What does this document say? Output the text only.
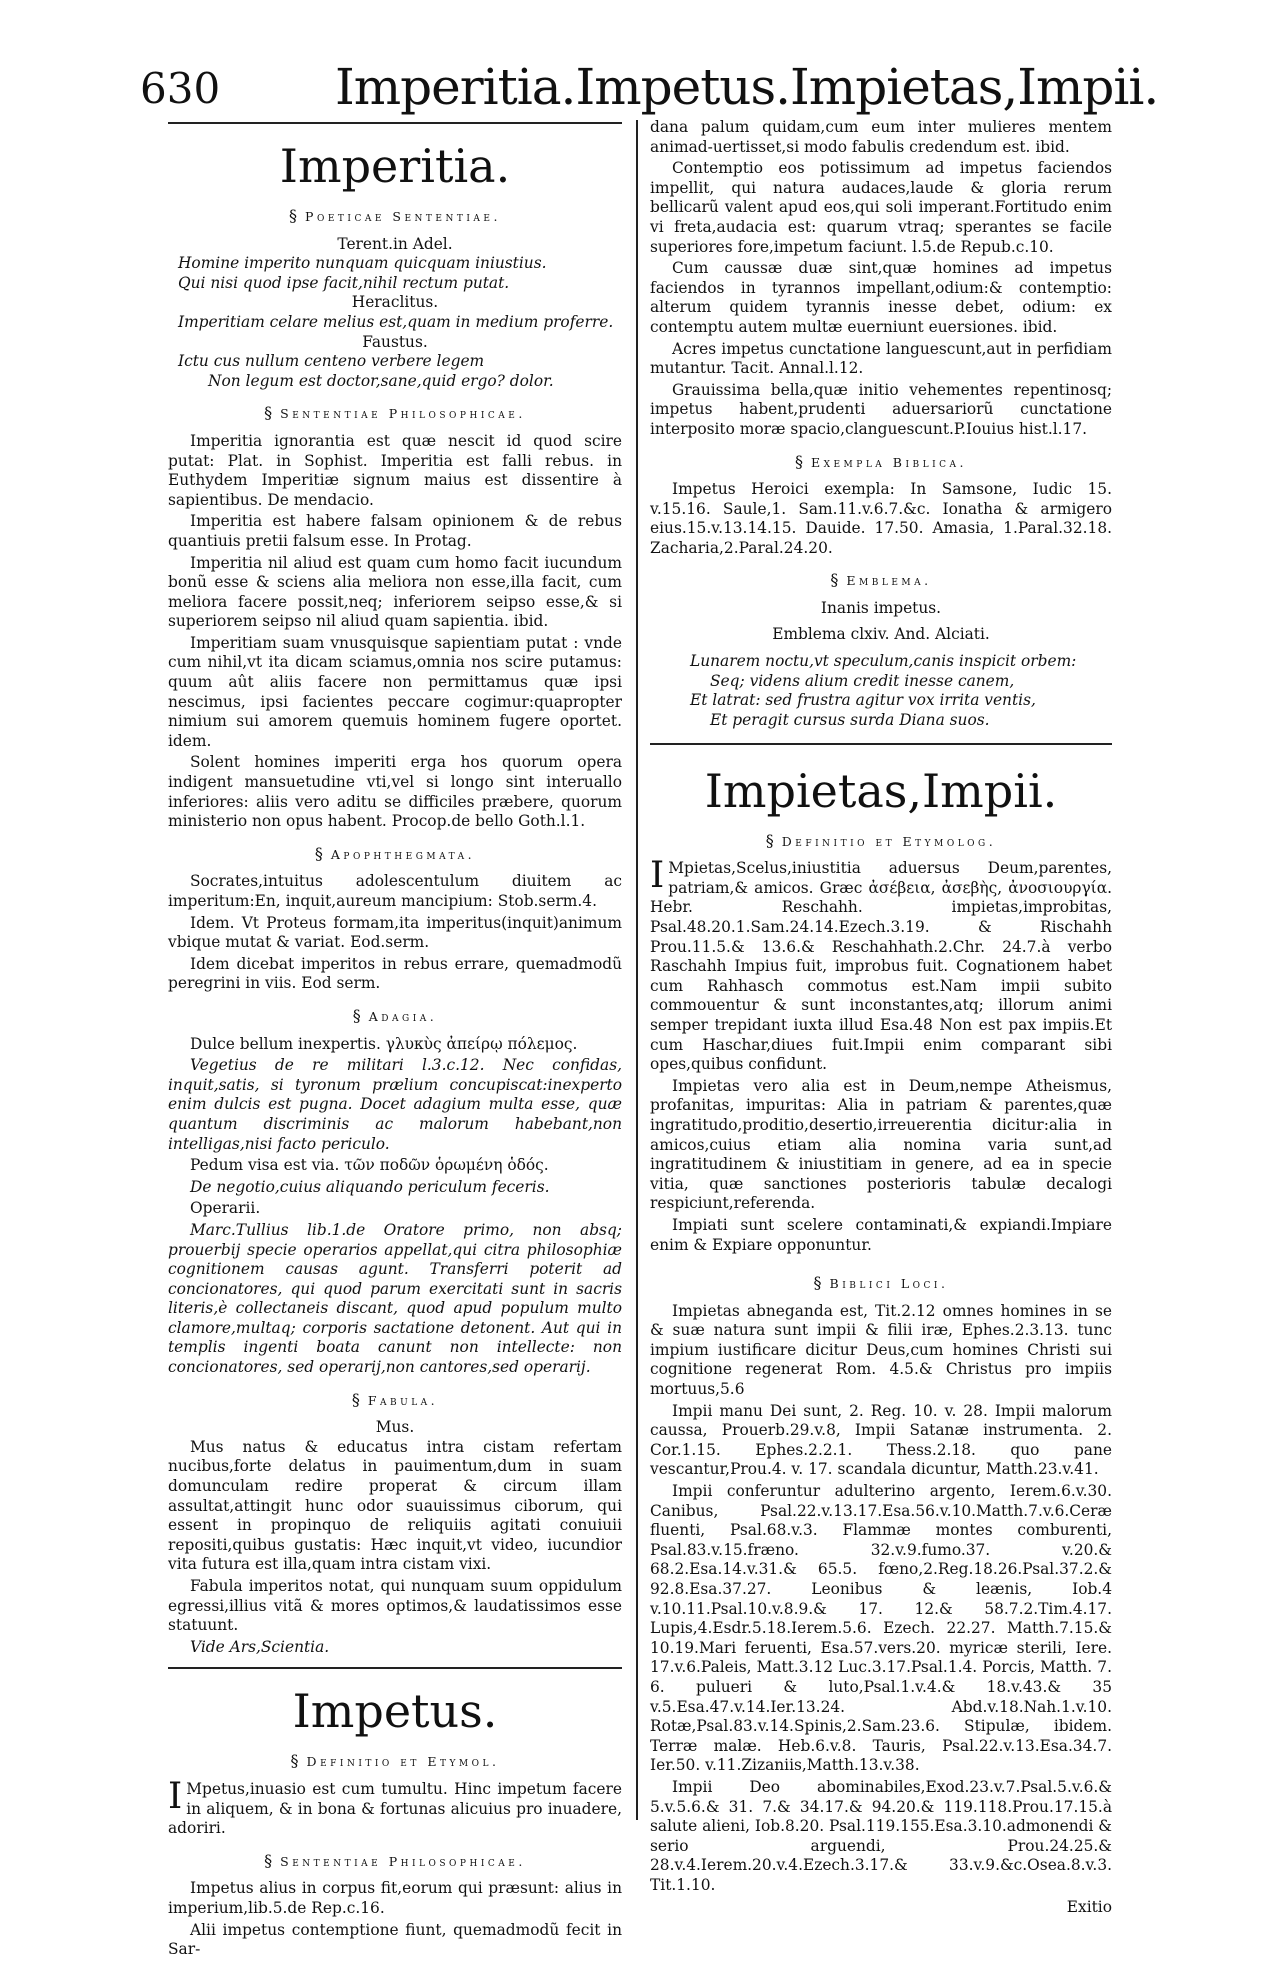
630 Imperitia.Impetus.Impietas,Impii.
Imperitia.
§ Poeticae Sententiae.
Terent.in Adel.
Homine imperito nunquam quicquam iniustius.
Qui nisi quod ipse facit,nihil rectum putat.
Heraclitus.
Imperitiam celare melius est,quam in medium proferre.
Faustus.
Ictu cus nullum centeno verbere legem
Non legum est doctor,sane,quid ergo? dolor.
§ Sententiae Philosophicae.

Imperitia ignorantia est quæ nescit id quod scire putat: Plat. in Sophist. Imperitia est falli rebus. in Euthydem Imperitiæ signum maius est dissentire à sapientibus. De mendacio.

Imperitia est habere falsam opinionem & de rebus quantiuis pretii falsum esse. In Protag.

Imperitia nil aliud est quam cum homo facit iucundum bonũ esse & sciens alia meliora non esse,illa facit, cum meliora facere possit,neq; inferiorem seipso esse,& si superiorem seipso nil aliud quam sapientia. ibid.

Imperitiam suam vnusquisque sapientiam putat : vnde cum nihil,vt ita dicam sciamus,omnia nos scire putamus: quum aût aliis facere non permittamus quæ ipsi nescimus, ipsi facientes peccare cogimur:quapropter nimium sui amorem quemuis hominem fugere oportet. idem.

Solent homines imperiti erga hos quorum opera indigent mansuetudine vti,vel si longo sint interuallo inferiores: aliis vero aditu se difficiles præbere, quorum ministerio non opus habent. Procop.de bello Goth.l.1.

§ Apophthegmata.

Socrates,intuitus adolescentulum diuitem ac imperitum:En, inquit,aureum mancipium: Stob.serm.4.

Idem. Vt Proteus formam,ita imperitus(inquit)animum vbique mutat & variat. Eod.serm.

Idem dicebat imperitos in rebus errare, quemadmodũ peregrini in viis. Eod serm.

§ Adagia.

Dulce bellum inexpertis. γλυκὺς ἀπείρῳ πόλεμος.

Vegetius de re militari l.3.c.12. Nec confidas, inquit,satis, si tyronum prælium concupiscat:inexperto enim dulcis est pugna. Docet adagium multa esse, quæ quantum discriminis ac malorum habebant,non intelligas,nisi facto periculo.

Pedum visa est via. τῶν ποδῶν ὁρωμένη ὁδός.

De negotio,cuius aliquando periculum feceris.

Operarii.

Marc.Tullius lib.1.de Oratore primo, non absq; prouerbij specie operarios appellat,qui citra philosophiæ cognitionem causas agunt. Transferri poterit ad concionatores, qui quod parum exercitati sunt in sacris literis,è collectaneis discant, quod apud populum multo clamore,multaq; corporis sactatione detonent. Aut qui in templis ingenti boata canunt non intellecte: non concionatores, sed operarij,non cantores,sed operarij.

§ Fabula.
Mus.

Mus natus & educatus intra cistam refertam nucibus,forte delatus in pauimentum,dum in suam domunculam redire properat & circum illam assultat,attingit hunc odor suauissimus ciborum, qui essent in propinquo de reliquiis agitati conuiuii repositi,quibus gustatis: Hæc inquit,vt video, iucundior vita futura est illa,quam intra cistam vixi.

Fabula imperitos notat, qui nunquam suum oppidulum egressi,illius vitã & mores optimos,& laudatissimos esse statuunt.

Vide Ars,Scientia.

Impetus.
§ Definitio et Etymol.

I Mpetus,inuasio est cum tumultu. Hinc impetum facere in aliquem, & in bona & fortunas alicuius pro inuadere, adoriri.

§ Sententiae Philosophicae.

Impetus alius in corpus fit,eorum qui præsunt: alius in imperium,lib.5.de Rep.c.16.

Alii impetus contemptione fiunt, quemadmodũ fecit in Sar-

dana palum quidam,cum eum inter mulieres mentem animad-uertisset,si modo fabulis credendum est. ibid.

Contemptio eos potissimum ad impetus faciendos impellit, qui natura audaces,laude & gloria rerum bellicarũ valent apud eos,qui soli imperant.Fortitudo enim vi freta,audacia est: quarum vtraq; sperantes se facile superiores fore,impetum faciunt. l.5.de Repub.c.10.

Cum caussæ duæ sint,quæ homines ad impetus faciendos in tyrannos impellant,odium:& contemptio: alterum quidem tyrannis inesse debet, odium: ex contemptu autem multæ euerniunt euersiones. ibid.

Acres impetus cunctatione languescunt,aut in perfidiam mutantur. Tacit. Annal.l.12.

Grauissima bella,quæ initio vehementes repentinosq; impetus habent,prudenti aduersariorũ cunctatione interposito moræ spacio,clanguescunt.P.Iouius hist.l.17.

§ Exempla Biblica.

Impetus Heroici exempla: In Samsone, Iudic 15. v.15.16. Saule,1. Sam.11.v.6.7.&c. Ionatha & armigero eius.15.v.13.14.15. Dauide. 17.50. Amasia, 1.Paral.32.18. Zacharia,2.Paral.24.20.

§ Emblema.
Inanis impetus.
Emblema clxiv. And. Alciati.
Lunarem noctu,vt speculum,canis inspicit orbem:
Seq; videns alium credit inesse canem,
Et latrat: sed frustra agitur vox irrita ventis,
Et peragit cursus surda Diana suos.
Impietas,Impii.
§ Definitio et Etymolog.

I Mpietas,Scelus,iniustitia aduersus Deum,parentes, patriam,& amicos. Græc ἀσέβεια, ἀσεβὴς, ἀνοσιουργία. Hebr. Reschahh. impietas,improbitas, Psal.48.20.1.Sam.24.14.Ezech.3.19. & Rischahh Prou.11.5.& 13.6.& Reschahhath.2.Chr. 24.7.à verbo Raschahh Impius fuit, improbus fuit. Cognationem habet cum Rahhasch commotus est.Nam impii subito commouentur & sunt inconstantes,atq; illorum animi semper trepidant iuxta illud Esa.48 Non est pax impiis.Et cum Haschar,diues fuit.Impii enim comparant sibi opes,quibus confidunt.

Impietas vero alia est in Deum,nempe Atheismus, profanitas, impuritas: Alia in patriam & parentes,quæ ingratitudo,proditio,desertio,irreuerentia dicitur:alia in amicos,cuius etiam alia nomina varia sunt,ad ingratitudinem & iniustitiam in genere, ad ea in specie vitia, quæ sanctiones posterioris tabulæ decalogi respiciunt,referenda.

Impiati sunt scelere contaminati,& expiandi.Impiare enim & Expiare opponuntur.

§ Biblici Loci.

Impietas abneganda est, Tit.2.12 omnes homines in se & suæ natura sunt impii & filii iræ, Ephes.2.3.13. tunc impium iustificare dicitur Deus,cum homines Christi sui cognitione regenerat Rom. 4.5.& Christus pro impiis mortuus,5.6

Impii manu Dei sunt, 2. Reg. 10. v. 28. Impii malorum caussa, Prouerb.29.v.8, Impii Satanæ instrumenta. 2. Cor.1.15. Ephes.2.2.1. Thess.2.18. quo pane vescantur,Prou.4. v. 17. scandala dicuntur, Matth.23.v.41.

Impii conferuntur adulterino argento, Ierem.6.v.30. Canibus, Psal.22.v.13.17.Esa.56.v.10.Matth.7.v.6.Ceræ fluenti, Psal.68.v.3. Flammæ montes comburenti, Psal.83.v.15.fræno. 32.v.9.fumo.37. v.20.& 68.2.Esa.14.v.31.& 65.5. fœno,2.Reg.18.26.Psal.37.2.& 92.8.Esa.37.27. Leonibus & leænis, Iob.4 v.10.11.Psal.10.v.8.9.& 17. 12.& 58.7.2.Tim.4.17. Lupis,4.Esdr.5.18.Ierem.5.6. Ezech. 22.27. Matth.7.15.& 10.19.Mari feruenti, Esa.57.vers.20. myricæ sterili, Iere. 17.v.6.Paleis, Matt.3.12 Luc.3.17.Psal.1.4. Porcis, Matth. 7. 6. pulueri & luto,Psal.1.v.4.& 18.v.43.& 35 v.5.Esa.47.v.14.Ier.13.24. Abd.v.18.Nah.1.v.10. Rotæ,Psal.83.v.14.Spinis,2.Sam.23.6. Stipulæ, ibidem. Terræ malæ. Heb.6.v.8. Tauris, Psal.22.v.13.Esa.34.7. Ier.50. v.11.Zizaniis,Matth.13.v.38.

Impii Deo abominabiles,Exod.23.v.7.Psal.5.v.6.& 5.v.5.6.& 31. 7.& 34.17.& 94.20.& 119.118.Prou.17.15.à salute alieni, Iob.8.20. Psal.119.155.Esa.3.10.admonendi & serio arguendi, Prou.24.25.& 28.v.4.Ierem.20.v.4.Ezech.3.17.& 33.v.9.&c.Osea.8.v.3. Tit.1.10.

Exitio
